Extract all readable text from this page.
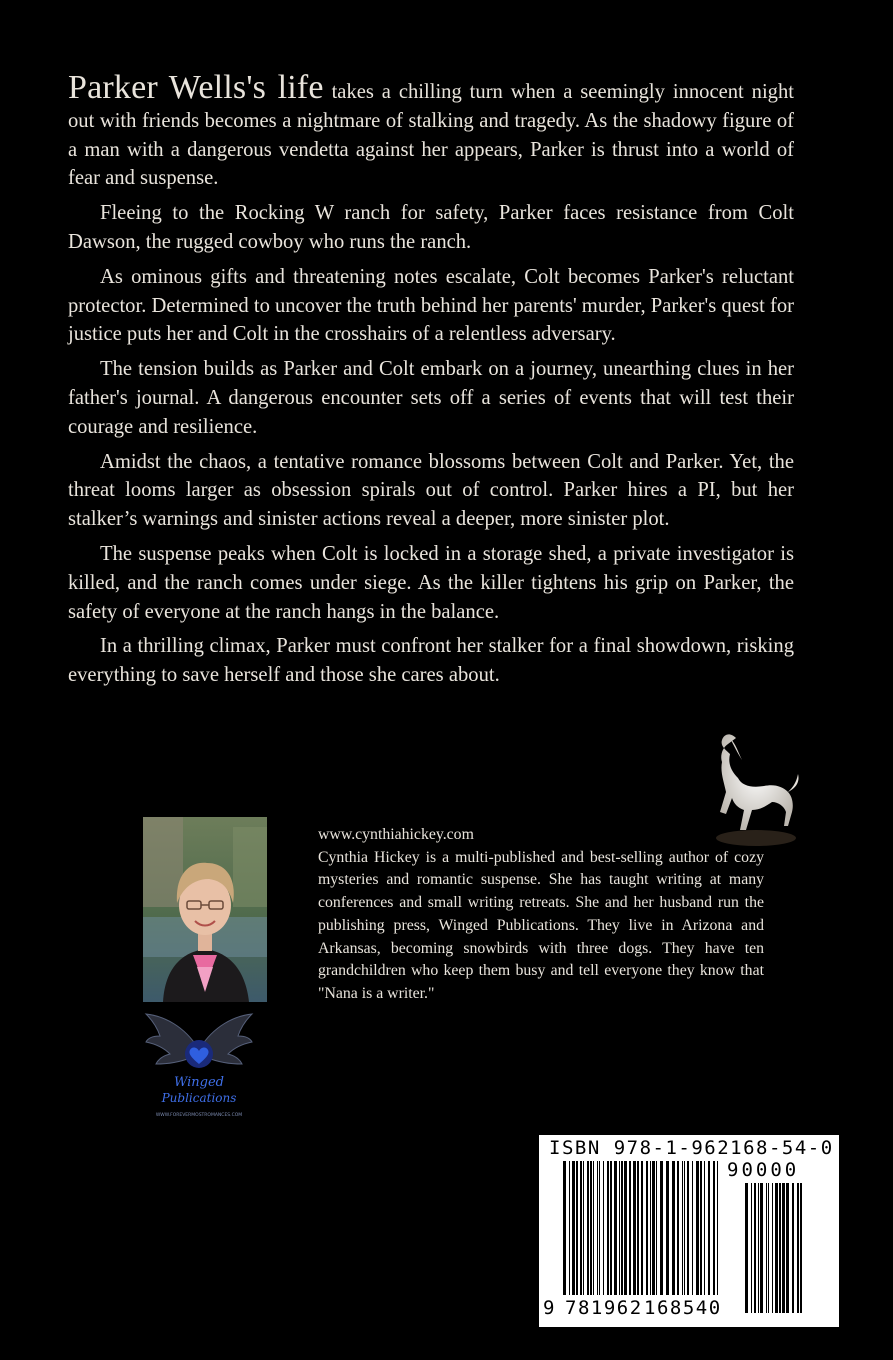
Parker Wells's life takes a chilling turn when a seemingly innocent night out with friends becomes a nightmare of stalking and tragedy. As the shadowy figure of a man with a dangerous vendetta against her appears, Parker is thrust into a world of fear and suspense.

Fleeing to the Rocking W ranch for safety, Parker faces resistance from Colt Dawson, the rugged cowboy who runs the ranch.

As ominous gifts and threatening notes escalate, Colt becomes Parker's reluctant protector. Determined to uncover the truth behind her parents' murder, Parker's quest for justice puts her and Colt in the crosshairs of a relentless adversary.

The tension builds as Parker and Colt embark on a journey, unearthing clues in her father's journal. A dangerous encounter sets off a series of events that will test their courage and resilience.

Amidst the chaos, a tentative romance blossoms between Colt and Parker. Yet, the threat looms larger as obsession spirals out of control. Parker hires a PI, but her stalker’s warnings and sinister actions reveal a deeper, more sinister plot.

The suspense peaks when Colt is locked in a storage shed, a private investigator is killed, and the ranch comes under siege. As the killer tightens his grip on Parker, the safety of everyone at the ranch hangs in the balance.

In a thrilling climax, Parker must confront her stalker for a final showdown, risking everything to save herself and those she cares about.

Winged
Publications
WWW.FOREVERMOSTROMANCES.COM
www.cynthiahickey.com
Cynthia Hickey is a multi-published and best-selling author of cozy mysteries and romantic suspense. She has taught writing at many conferences and small writing retreats. She and her husband run the publishing press, Winged Publications. They live in Arizona and Arkansas, becoming snowbirds with three dogs. They have ten grandchildren who keep them busy and tell everyone they know that "Nana is a writer."
ISBN 978-1-962168-54-0
90000
9 781962 168540
